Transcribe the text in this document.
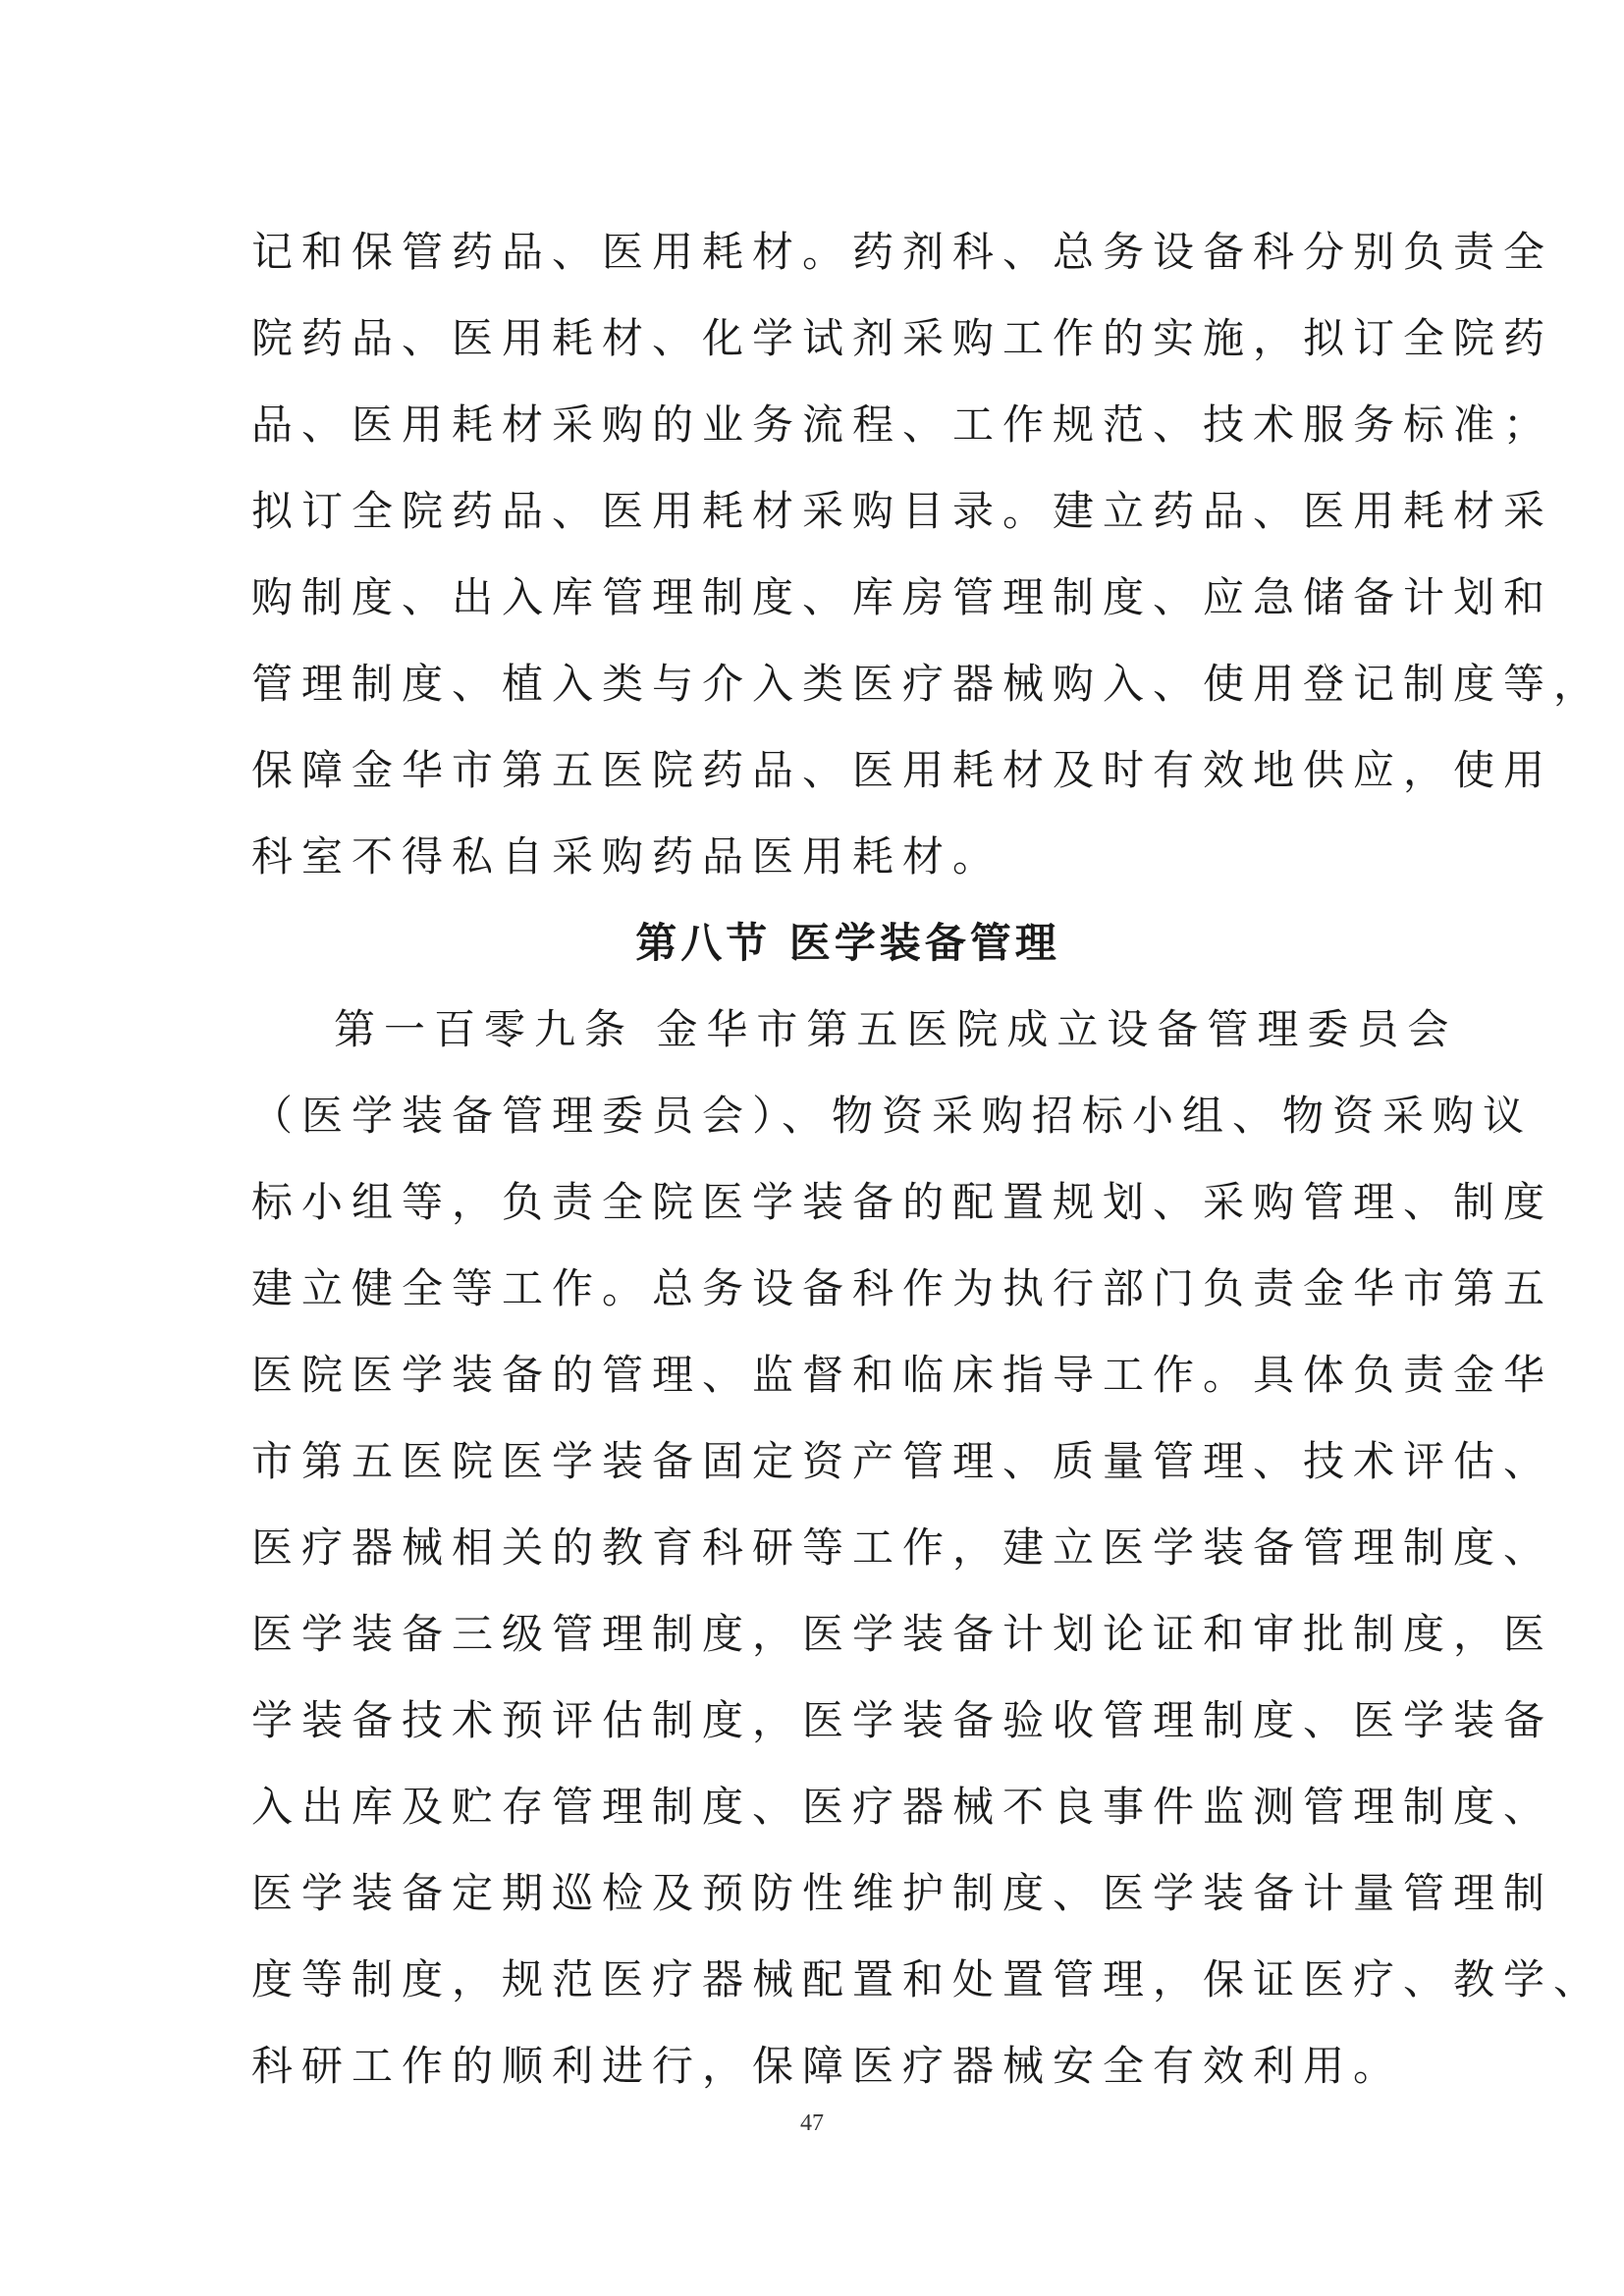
记和保管药品、医用耗材。药剂科、总务设备科分别负责全
院药品、医用耗材、化学试剂采购工作的实施，拟订全院药
品、医用耗材采购的业务流程、工作规范、技术服务标准；
拟订全院药品、医用耗材采购目录。建立药品、医用耗材采
购制度、出入库管理制度、库房管理制度、应急储备计划和
管理制度、植入类与介入类医疗器械购入、使用登记制度等，
保障金华市第五医院药品、医用耗材及时有效地供应，使用
科室不得私自采购药品医用耗材。
第八节 医学装备管理
第一百零九条 金华市第五医院成立设备管理委员会
（医学装备管理委员会）、物资采购招标小组、物资采购议
标小组等，负责全院医学装备的配置规划、采购管理、制度
建立健全等工作。总务设备科作为执行部门负责金华市第五
医院医学装备的管理、监督和临床指导工作。具体负责金华
市第五医院医学装备固定资产管理、质量管理、技术评估、
医疗器械相关的教育科研等工作，建立医学装备管理制度、
医学装备三级管理制度，医学装备计划论证和审批制度，医
学装备技术预评估制度，医学装备验收管理制度、医学装备
入出库及贮存管理制度、医疗器械不良事件监测管理制度、
医学装备定期巡检及预防性维护制度、医学装备计量管理制
度等制度，规范医疗器械配置和处置管理，保证医疗、教学、
科研工作的顺利进行，保障医疗器械安全有效利用。
47
